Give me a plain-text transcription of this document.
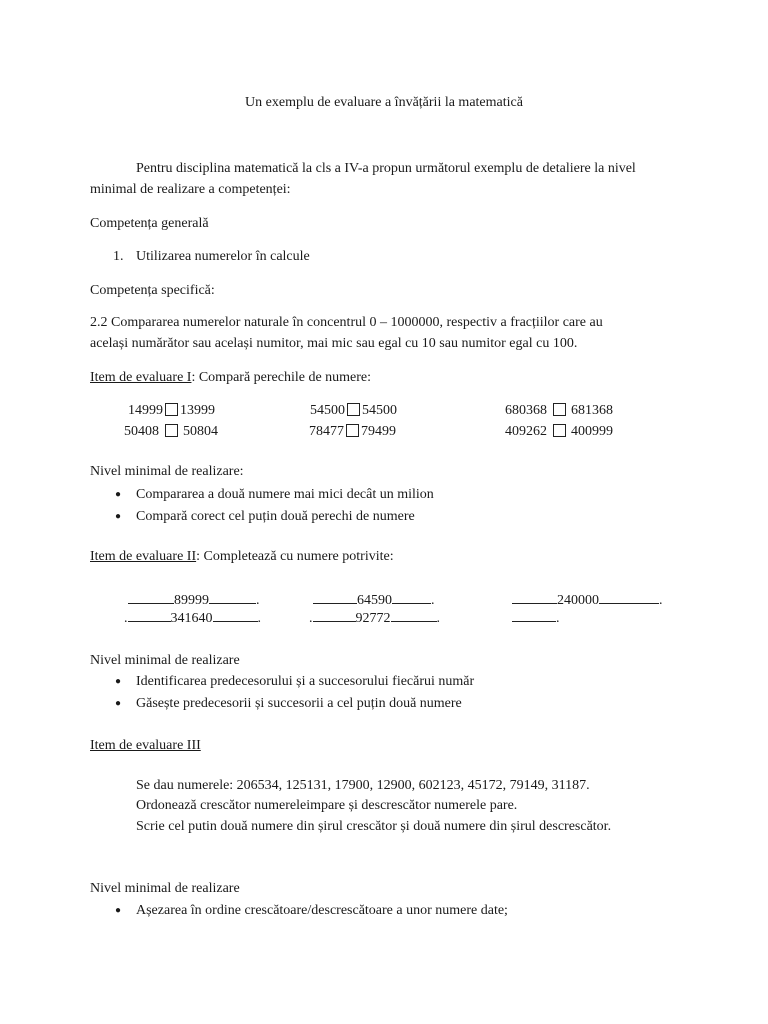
Un exemplu de evaluare a învățării la matematică
Pentru disciplina matematică la cls a IV-a propun următorul exemplu de detaliere la nivel
minimal de realizare a competenței:
Competența generală
1. Utilizarea numerelor în calcule
Competența specifică:
2.2 Compararea numerelor naturale în concentrul 0 – 1000000, respectiv a fracțiilor care au
același numărător sau același numitor, mai mic sau egal cu 10 sau numitor egal cu 100.
Item de evaluare I: Compară perechile de numere:
14999 13999	54500 54500	680368 681368
50408 50804	78477 79499	409262 400999
Nivel minimal de realizare:
● Compararea a două numere mai mici decât un milion
● Compară corect cel puțin două perechi de numere
Item de evaluare II: Completează cu numere potrivite:
89999	.	64590	.	240000	.
.	341640	.	.	92772	.	.
Nivel minimal de realizare
● Identificarea predecesorului și a succesorului fiecărui număr
● Găsește predecesorii și succesorii a cel puțin două numere
Item de evaluare III
Se dau numerele: 206534, 125131, 17900, 12900, 602123, 45172, 79149, 31187.
Ordonează crescător numereleimpare și descrescător numerele pare.
Scrie cel putin două numere din șirul crescător și două numere din șirul descrescător.
Nivel minimal de realizare
● Așezarea în ordine crescătoare/descrescătoare a unor numere date;
